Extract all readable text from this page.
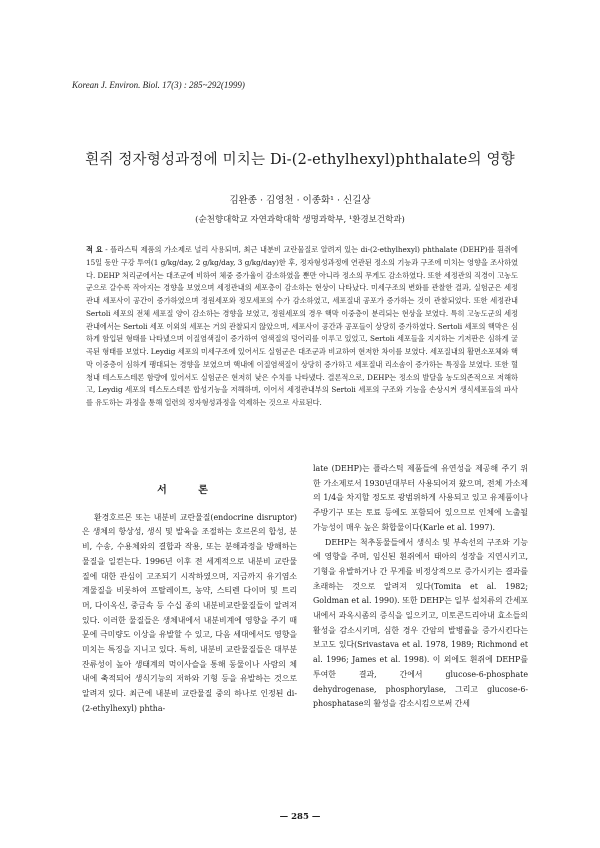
Korean J. Environ. Biol. 17(3) : 285~292(1999)
흰쥐 정자형성과정에 미치는 Di-(2-ethylhexyl)phthalate의 영향
김완종 · 김영천 · 이종화¹ · 신길상
(순천향대학교 자연과학대학 생명과학부, ¹환경보건학과)
적 요 - 플라스틱 제품의 가소제로 널리 사용되며, 최근 내분비 교란물질로 알려져 있는 di-(2-ethylhexyl) phthalate (DEHP)를 흰쥐에 15일 동안 구강 투여(1 g/kg/day, 2 g/kg/day, 3 g/kg/day)한 후, 정자형성과정에 연관된 정소의 기능과 구조에 미치는 영향을 조사하였다. DEHP 처리군에서는 대조군에 비하여 체중 증가율이 감소하였을 뿐만 아니라 정소의 무게도 감소하였다. 또한 세정관의 직경이 고농도군으로 갈수록 작아지는 경향을 보였으며 세정관내의 세포층이 감소하는 현상이 나타났다. 미세구조의 변화를 관찰한 결과, 실험군은 세정관내 세포사이 공간이 증가하였으며 정원세포와 정모세포의 수가 감소하였고, 세포질내 공포가 증가하는 것이 관찰되었다. 또한 세정관내 Sertoli 세포의 전체 세포질 양이 감소하는 경향을 보였고, 정원세포의 경우 핵막 이중층이 분리되는 현상을 보였다. 특히 고농도군의 세정관내에서는 Sertoli 세포 이외의 세포는 거의 관찰되지 않았으며, 세포사이 공간과 공포들이 상당히 증가하였다. Sertoli 세포의 핵막은 심하게 함입된 형태를 나타냈으며 이질염색질이 증가하여 염색질의 덩어리를 이루고 있었고, Sertoli 세포들을 지지하는 기저판은 심하게 굴곡된 형태를 보였다. Leydig 세포의 미세구조에 있어서도 실험군은 대조군과 비교하여 현저한 차이를 보였다. 세포질내의 활면소포체와 핵막 이중층이 심하게 팽대되는 경향을 보였으며 핵내에 이질염색질이 상당히 증가하고 세포질내 리소솜이 증가하는 특징을 보였다. 또한 혈청내 테스토스테론 함량에 있어서도 실험군은 현저히 낮은 수치를 나타냈다. 결론적으로, DEHP는 정소의 발달을 농도의존적으로 저해하고, Leydig 세포의 테스토스테론 합성기능을 저해하며, 이어서 세정관내부의 Sertoli 세포의 구조와 기능을 손상시켜 생식세포들의 파사를 유도하는 과정을 통해 일련의 정자형성과정을 억제하는 것으로 사료된다.
서 론

환경호르몬 또는 내분비 교란물질(endocrine disruptor)은 생체의 항상성, 생식 및 발육을 조절하는 호르몬의 합성, 분비, 수송, 수용체와의 결합과 작용, 또는 분해과정을 방해하는 물질을 일컫는다. 1996년 이후 전 세계적으로 내분비 교란물질에 대한 관심이 고조되기 시작하였으며, 지금까지 유기염소계물질을 비롯하여 프탈레이트, 농약, 스티렌 다이머 및 트리머, 다이옥신, 중금속 등 수십 종의 내분비교란물질들이 알려져 있다. 이러한 물질들은 생체내에서 내분비계에 영향을 주기 때문에 극미량도 이상을 유발할 수 있고, 다음 세대에서도 영향을 미치는 특징을 지니고 있다. 특히, 내분비 교란물질들은 대부분 잔류성이 높아 생태계의 먹이사슬을 통해 동물이나 사람의 체내에 축적되어 생식기능의 저하와 기형 등을 유발하는 것으로 알려져 있다. 최근에 내분비 교란물질 중의 하나로 인정된 di-(2-ethylhexyl) phtha-

late (DEHP)는 플라스틱 제품들에 유연성을 제공해 주기 위한 가소제로서 1930년대부터 사용되어져 왔으며, 전체 가소제의 1/4을 차지할 정도로 광범위하게 사용되고 있고 유제품이나 주방기구 또는 토료 등에도 포함되어 있으므로 인체에 노출될 가능성이 매우 높은 화합물이다(Karle et al. 1997).

DEHP는 척추동물들에서 생식소 및 부속선의 구조와 기능에 영향을 주며, 임신된 흰쥐에서 태아의 성장을 지연시키고, 기형을 유발하거나 간 무게를 비정상적으로 증가시키는 결과를 초래하는 것으로 알려져 있다(Tomita et al. 1982; Goldman et al. 1990). 또한 DEHP는 일부 설치류의 간세포내에서 과옥시좀의 증식을 일으키고, 미토콘드리아내 효소들의 활성을 감소시키며, 심한 경우 간암의 발병률을 증가시킨다는 보고도 있다(Srivastava et al. 1978, 1989; Richmond et al. 1996; James et al. 1998). 이 외에도 흰쥐에 DEHP를 투여한 결과, 간에서 glucose-6-phosphate dehydrogenase, phosphorylase, 그리고 glucose-6-phosphatase의 활성을 감소시킴으로써 간세

— 285 —
